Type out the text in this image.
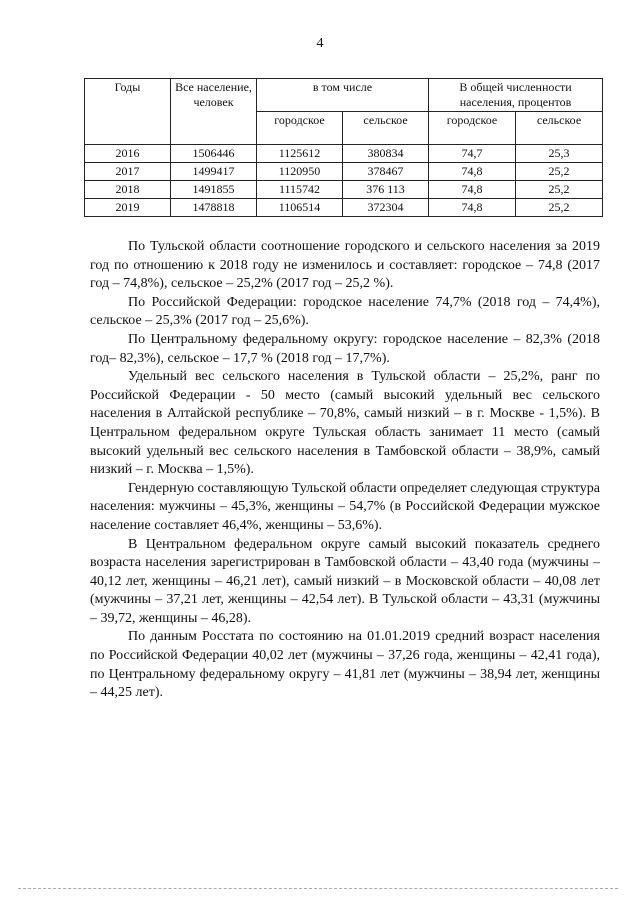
4
Годы	Все население, человек	в том числе		В общей численности населения, процентов	
		городское	сельское	городское	сельское
2016	1506446	1125612	380834	74,7	25,3
2017	1499417	1120950	378467	74,8	25,2
2018	1491855	1115742	376 113	74,8	25,2
2019	1478818	1106514	372304	74,8	25,2

По Тульской области соотношение городского и сельского населения за 2019 год по отношению к 2018 году не изменилось и составляет: городское – 74,8 (2017 год – 74,8%), сельское – 25,2% (2017 год – 25,2 %).

По Российской Федерации: городское население 74,7% (2018 год – 74,4%), сельское – 25,3% (2017 год – 25,6%).

По Центральному федеральному округу: городское население – 82,3% (2018 год– 82,3%), сельское – 17,7 % (2018 год – 17,7%).

Удельный вес сельского населения в Тульской области – 25,2%, ранг по Российской Федерации - 50 место (самый высокий удельный вес сельского населения в Алтайской республике – 70,8%, самый низкий – в г. Москве - 1,5%). В Центральном федеральном округе Тульская область занимает 11 место (самый высокий удельный вес сельского населения в Тамбовской области – 38,9%, самый низкий – г. Москва – 1,5%).

Гендерную составляющую Тульской области определяет следующая структура населения: мужчины – 45,3%, женщины – 54,7% (в Российской Федерации мужское население составляет 46,4%, женщины – 53,6%).

В Центральном федеральном округе самый высокий показатель среднего возраста населения зарегистрирован в Тамбовской области – 43,40 года (мужчины – 40,12 лет, женщины – 46,21 лет), самый низкий – в Московской области – 40,08 лет (мужчины – 37,21 лет, женщины – 42,54 лет). В Тульской области – 43,31 (мужчины – 39,72, женщины – 46,28).

По данным Росстата по состоянию на 01.01.2019 средний возраст населения по Российской Федерации 40,02 лет (мужчины – 37,26 года, женщины – 42,41 года), по Центральному федеральному округу – 41,81 лет (мужчины – 38,94 лет, женщины – 44,25 лет).
